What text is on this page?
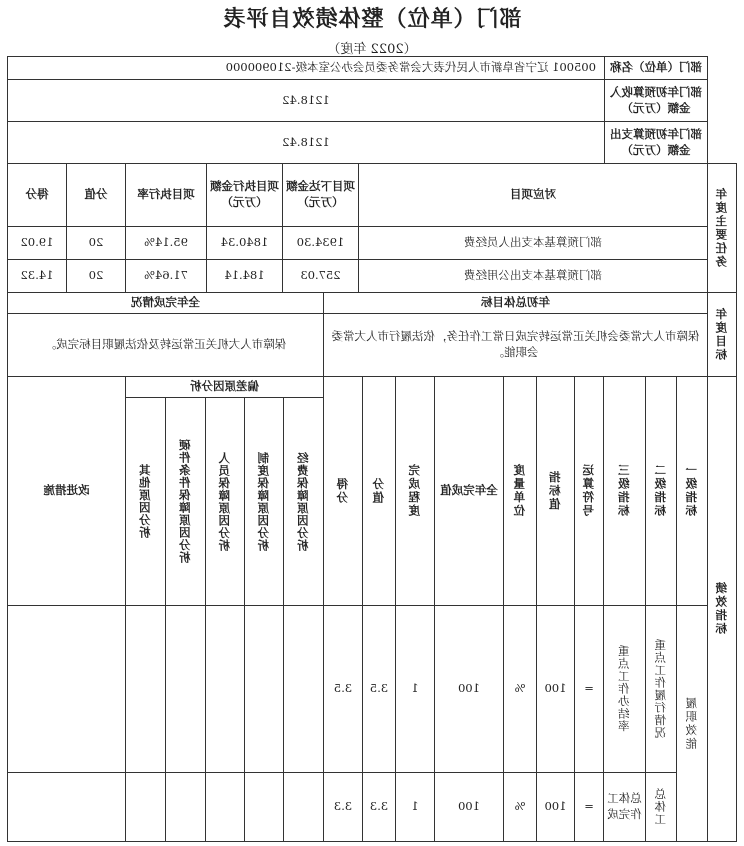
部门（单位）整体绩效自评表
（2022 年度）
部门（单位）名称
005001 辽宁省阜新市人民代表大会常务委员会办公室本级-210900000
部门年初预算收入金额（万元）
1218.42
部门年初预算支出金额（万元）
1218.42
年度主要任务
对应项目
项目下达金额（万元）
项目执行金额（万元）
项目执行率
分值
得分
部门预算基本支出人员经费
1934.30
1840.34
95.14%
20
19.02
部门预算基本支出公用经费
257.03
184.14
71.64%
20
14.32
年度目标
年初总体目标
全年完成情况
保障市人大常委会机关正常运转完成日常工作任务，依法履行市人大常委会职能。
保障市人大机关正常运转及依法履职目标完成。
绩效指标
一级指标
二级指标
三级指标
运算符号
指标值
度量单位
全年完成值
完成程度
分值
得分
偏差原因分析
经费保障原因分析
制度保障原因分析
人员保障原因分析
硬件条件保障原因分析
其他原因分析
改进措施
履职效能
重点工作履行情况
重点工作办结率
=
100
%
100
1
3.5
3.5
总体工
总体工作完成
=
100
%
100
1
3.3
3.3
